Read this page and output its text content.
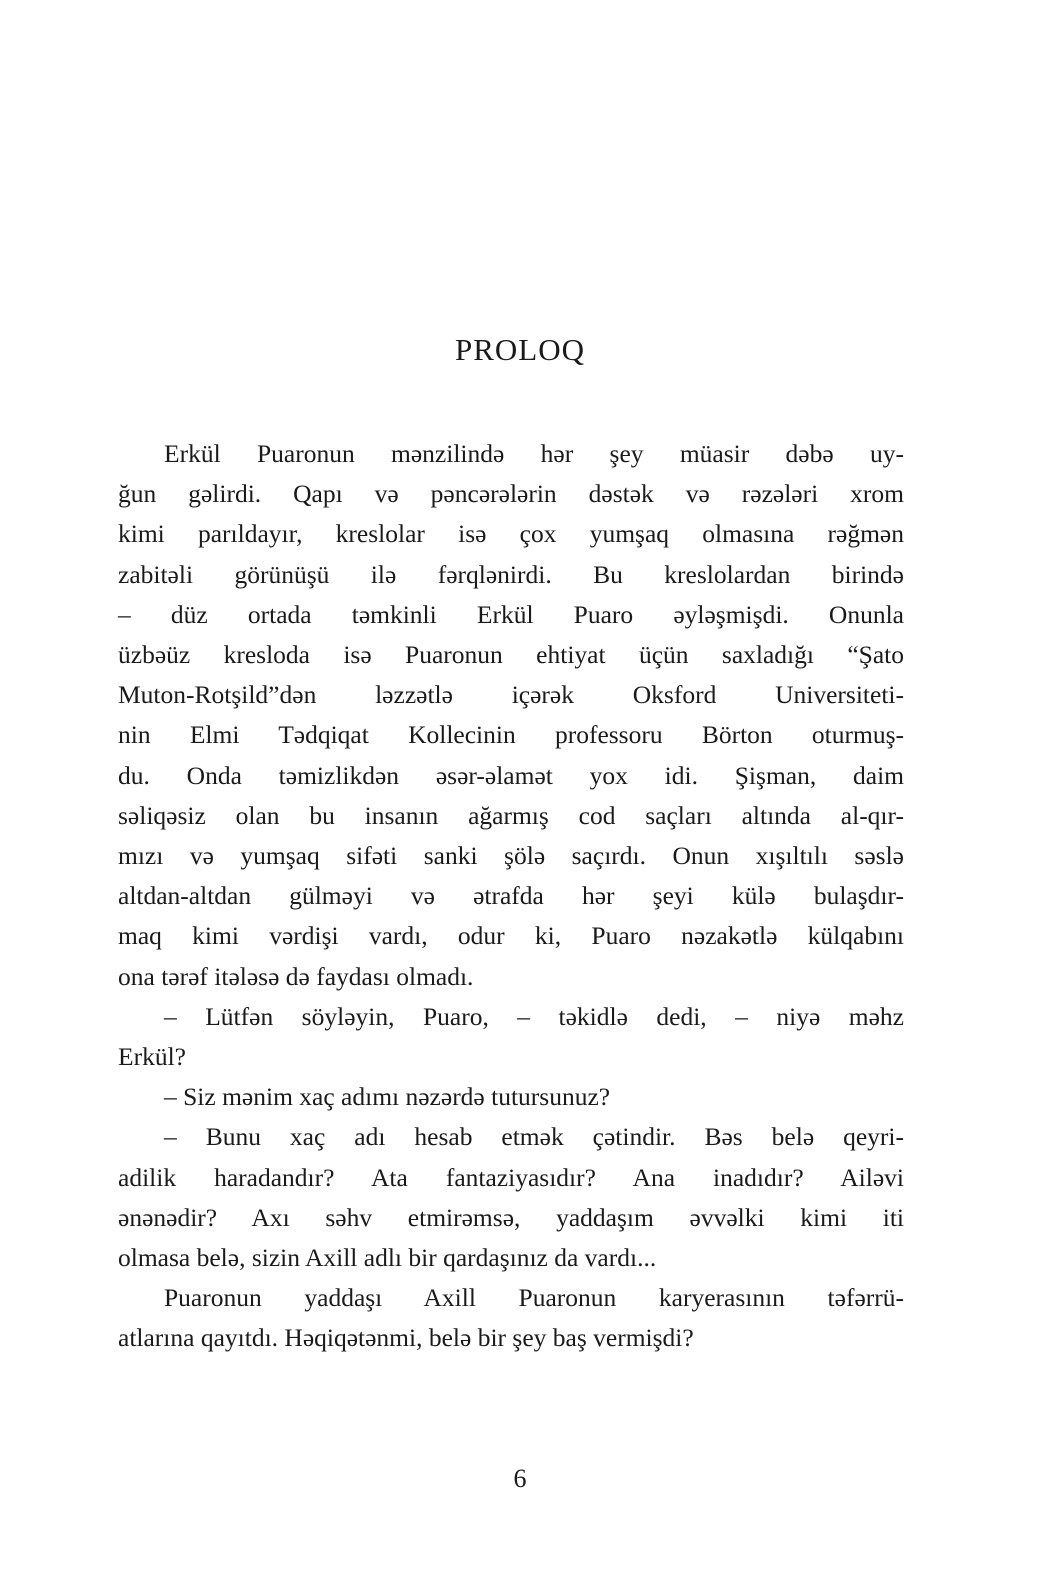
PROLOQ
Erkül Puaronun mənzilində hər şey müasir dəbə uy-
ğun gəlirdi. Qapı və pəncərələrin dəstək və rəzələri xrom
kimi parıldayır, kreslolar isə çox yumşaq olmasına rəğmən
zabitəli görünüşü ilə fərqlənirdi. Bu kreslolardan birində
– düz ortada təmkinli Erkül Puaro əyləşmişdi. Onunla
üzbəüz kresloda isə Puaronun ehtiyat üçün saxladığı “Şato
Muton-Rotşild”dən ləzzətlə içərək Oksford Universiteti-
nin Elmi Tədqiqat Kollecinin professoru Börton oturmuş-
du. Onda təmizlikdən əsər-əlamət yox idi. Şişman, daim
səliqəsiz olan bu insanın ağarmış cod saçları altında al-qır-
mızı və yumşaq sifəti sanki şölə saçırdı. Onun xışıltılı səslə
altdan-altdan gülməyi və ətrafda hər şeyi külə bulaşdır-
maq kimi vərdişi vardı, odur ki, Puaro nəzakətlə külqabını
ona tərəf itələsə də faydası olmadı.
– Lütfən söyləyin, Puaro, – təkidlə dedi, – niyə məhz
Erkül?
– Siz mənim xaç adımı nəzərdə tutursunuz?
– Bunu xaç adı hesab etmək çətindir. Bəs belə qeyri-
adilik haradandır? Ata fantaziyasıdır? Ana inadıdır? Ailəvi
ənənədir? Axı səhv etmirəmsə, yaddaşım əvvəlki kimi iti
olmasa belə, sizin Axill adlı bir qardaşınız da vardı...
Puaronun yaddaşı Axill Puaronun karyerasının təfərrü-
atlarına qayıtdı. Həqiqətənmi, belə bir şey baş vermişdi?
6
